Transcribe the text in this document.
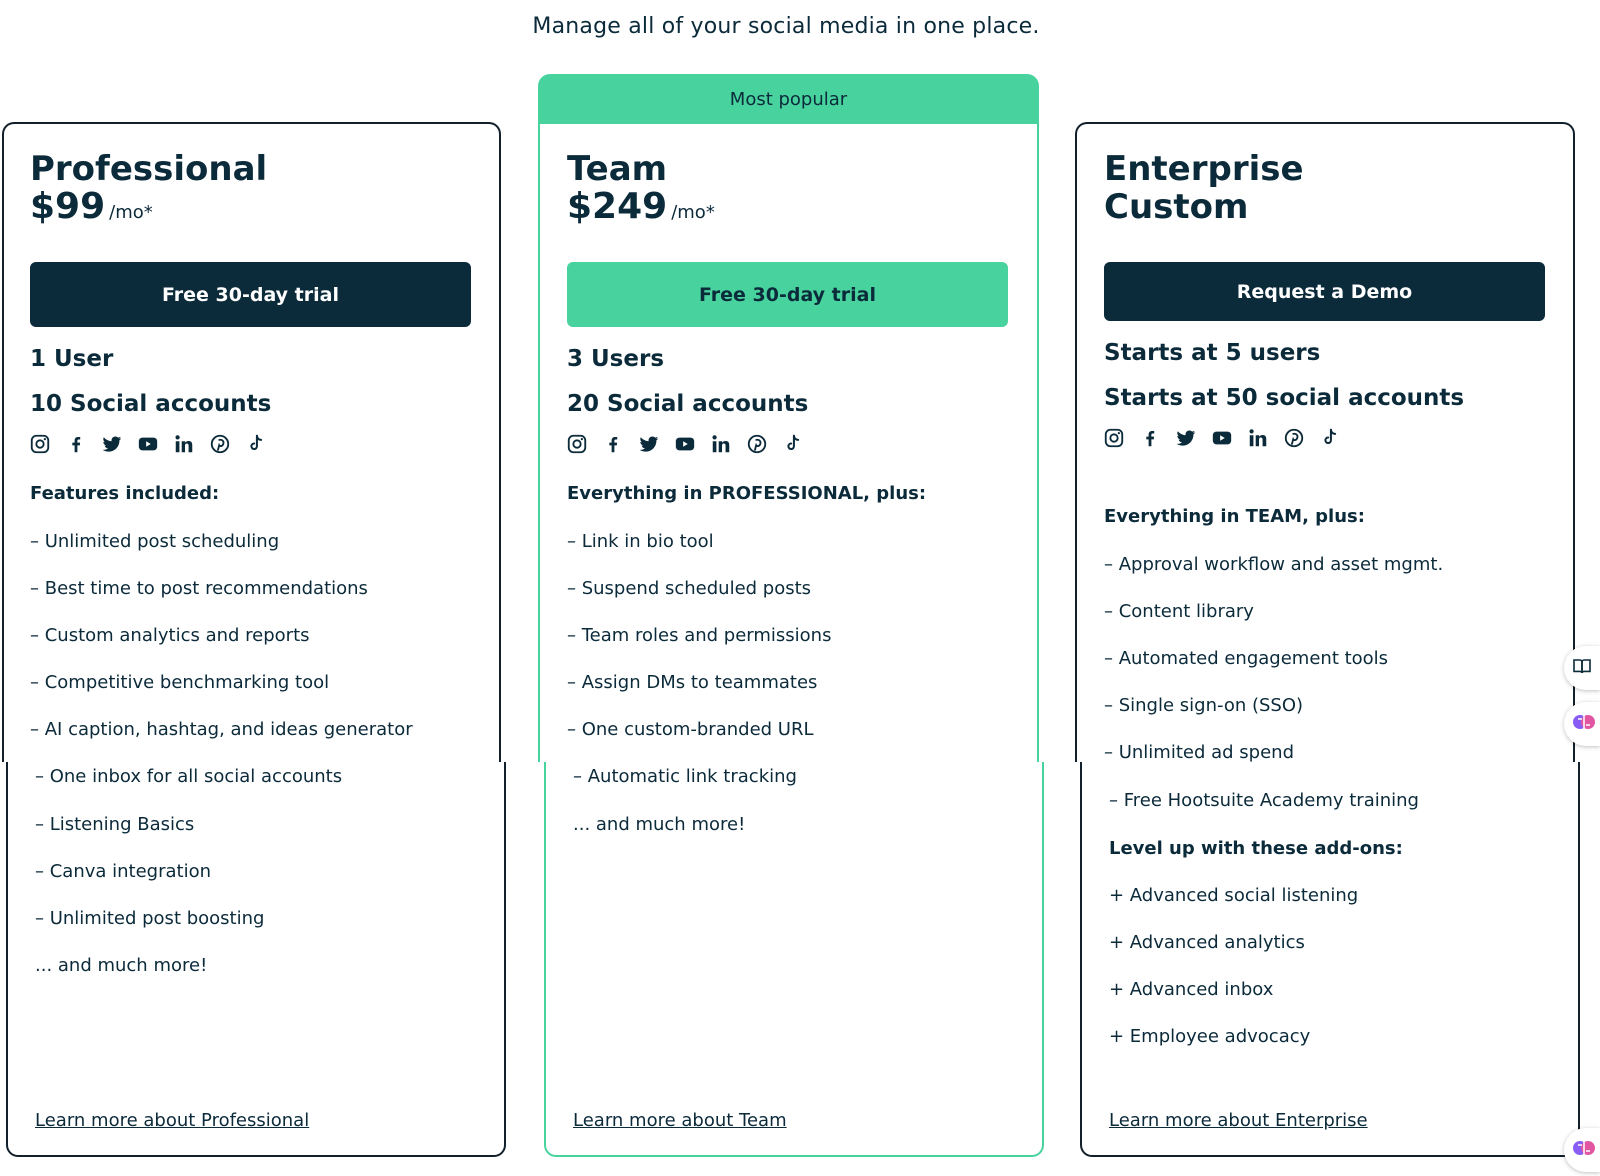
Manage all of your social media in one place.
Most popular
Professional
$99 /mo*
Free 30-day trial
1 User
10 Social accounts
Features included:
– Unlimited post scheduling
– Best time to post recommendations
– Custom analytics and reports
– Competitive benchmarking tool
– AI caption, hashtag, and ideas generator
– One inbox for all social accounts
– Listening Basics
– Canva integration
– Unlimited post boosting
... and much more!
Learn more about Professional
Team
$249 /mo*
Free 30-day trial
3 Users
20 Social accounts
Everything in PROFESSIONAL, plus:
– Link in bio tool
– Suspend scheduled posts
– Team roles and permissions
– Assign DMs to teammates
– One custom-branded URL
– Automatic link tracking
... and much more!
Learn more about Team
Enterprise
Custom
Request a Demo
Starts at 5 users
Starts at 50 social accounts
Everything in TEAM, plus:
– Approval workflow and asset mgmt.
– Content library
– Automated engagement tools
– Single sign-on (SSO)
– Unlimited ad spend
– Free Hootsuite Academy training
Level up with these add-ons:
+ Advanced social listening
+ Advanced analytics
+ Advanced inbox
+ Employee advocacy
Learn more about Enterprise
